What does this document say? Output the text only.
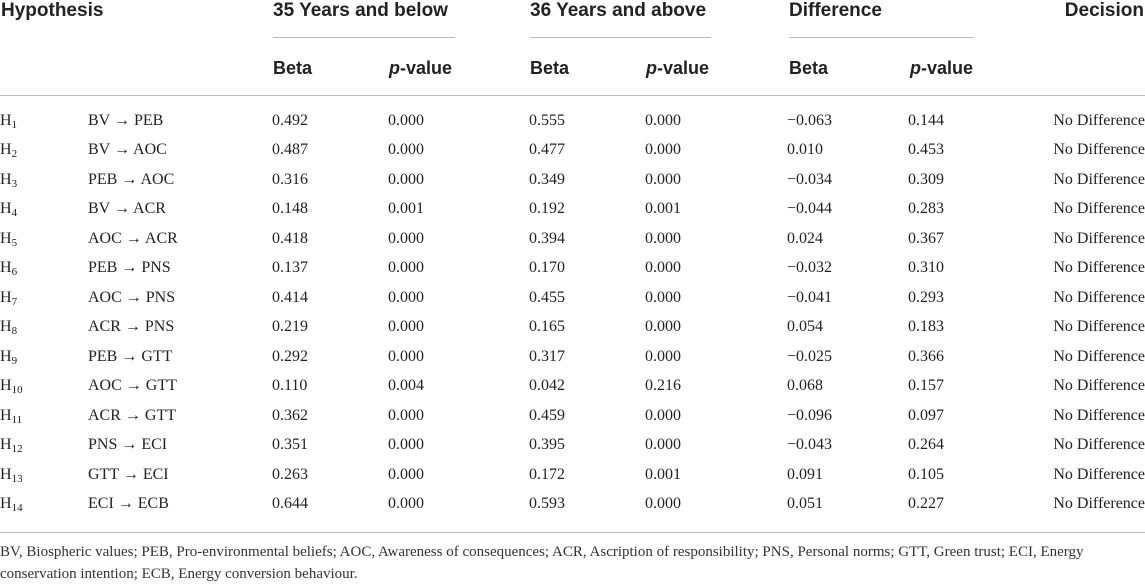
Hypothesis	35 Years and below	36 Years and above	Difference	Decision
Beta	p-value	Beta	p-value	Beta	p-value
$H_1$	BV → PEB	0.492	0.000	0.555	0.000	−0.063	0.144	No Difference
$H_2$	BV → AOC	0.487	0.000	0.477	0.000	0.010	0.453	No Difference
$H_3$	PEB → AOC	0.316	0.000	0.349	0.000	−0.034	0.309	No Difference
$H_4$	BV → ACR	0.148	0.001	0.192	0.001	−0.044	0.283	No Difference
$H_5$	AOC → ACR	0.418	0.000	0.394	0.000	0.024	0.367	No Difference
$H_6$	PEB → PNS	0.137	0.000	0.170	0.000	−0.032	0.310	No Difference
$H_7$	AOC → PNS	0.414	0.000	0.455	0.000	−0.041	0.293	No Difference
$H_8$	ACR → PNS	0.219	0.000	0.165	0.000	0.054	0.183	No Difference
$H_9$	PEB → GTT	0.292	0.000	0.317	0.000	−0.025	0.366	No Difference
$H_{10}$	AOC → GTT	0.110	0.004	0.042	0.216	0.068	0.157	No Difference
$H_{11}$	ACR → GTT	0.362	0.000	0.459	0.000	−0.096	0.097	No Difference
$H_{12}$	PNS → ECI	0.351	0.000	0.395	0.000	−0.043	0.264	No Difference
$H_{13}$	GTT → ECI	0.263	0.000	0.172	0.001	0.091	0.105	No Difference
$H_{14}$	ECI → ECB	0.644	0.000	0.593	0.000	0.051	0.227	No Difference
BV, Biospheric values; PEB, Pro-environmental beliefs; AOC, Awareness of consequences; ACR, Ascription of responsibility; PNS, Personal norms; GTT, Green trust; ECI, Energy conservation intention; ECB, Energy conversion behaviour.
